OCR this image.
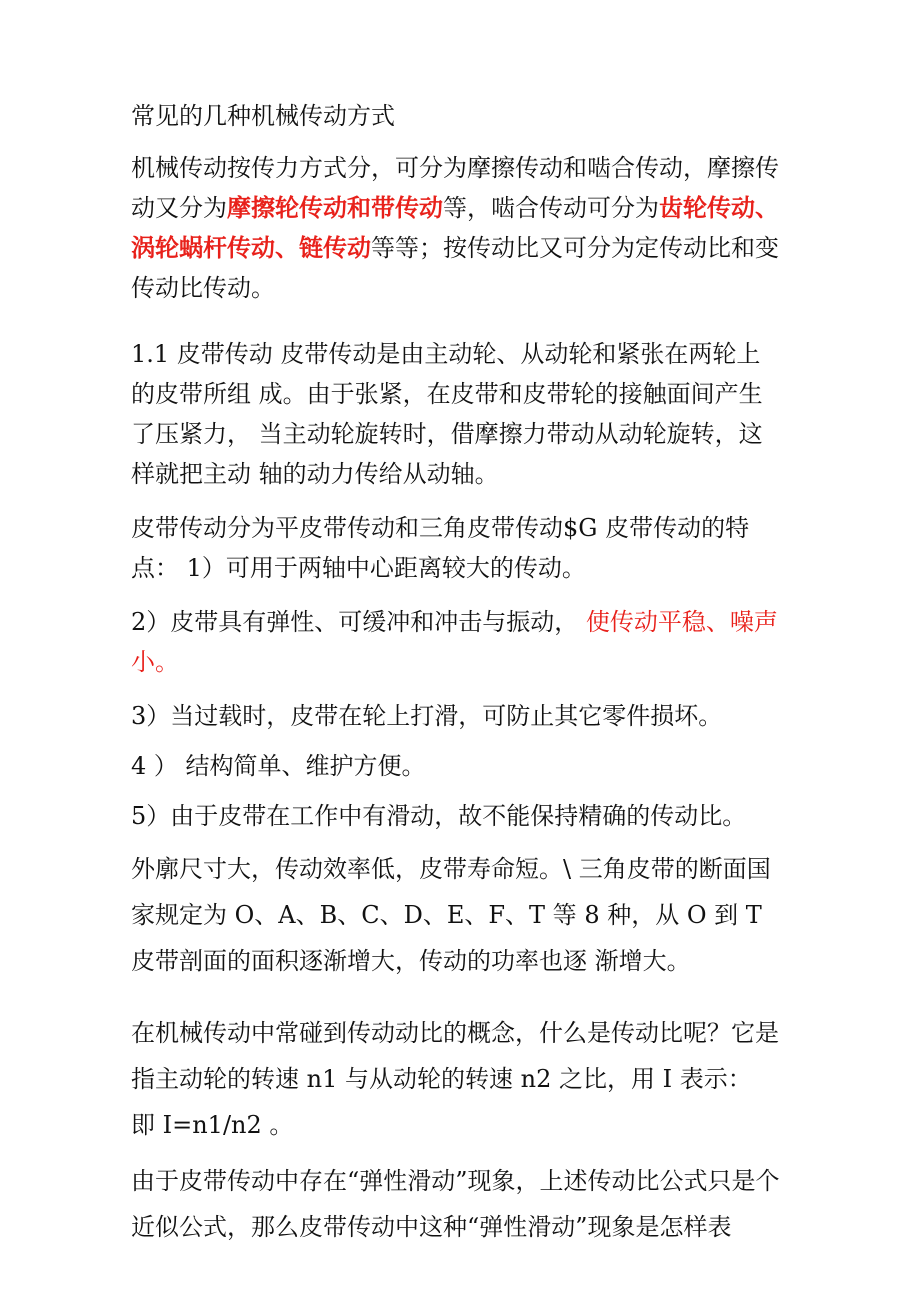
常见的几种机械传动方式

机械传动按传力方式分，可分为摩擦传动和啮合传动，摩擦传动又分为摩擦轮传动和带传动等，啮合传动可分为齿轮传动、涡轮蜗杆传动、链传动等等；按传动比又可分为定传动比和变传动比传动。

1.1 皮带传动 皮带传动是由主动轮、从动轮和紧张在两轮上的皮带所组 成。由于张紧，在皮带和皮带轮的接触面间产生了压紧力， 当主动轮旋转时，借摩擦力带动从动轮旋转，这样就把主动 轴的动力传给从动轴。

皮带传动分为平皮带传动和三角皮带传动$G 皮带传动的特点： 1）可用于两轴中心距离较大的传动。

2）皮带具有弹性、可缓冲和冲击与振动， 使传动平稳、噪声小。

3）当过载时，皮带在轮上打滑，可防止其它零件损坏。

4 ） 结构简单、维护方便。

5）由于皮带在工作中有滑动，故不能保持精确的传动比。

外廓尺寸大，传动效率低，皮带寿命短。\ 三角皮带的断面国家规定为 O、A、B、C、D、E、F、T 等 8 种，从 O 到 T 皮带剖面的面积逐渐增大，传动的功率也逐 渐增大。

在机械传动中常碰到传动动比的概念，什么是传动比呢？它是指主动轮的转速 n1 与从动轮的转速 n2 之比，用 I 表示： 即 I=n1/n2 。

由于皮带传动中存在“弹性滑动”现象，上述传动比公式只是个近似公式，那么皮带传动中这种“弹性滑动”现象是怎样表
